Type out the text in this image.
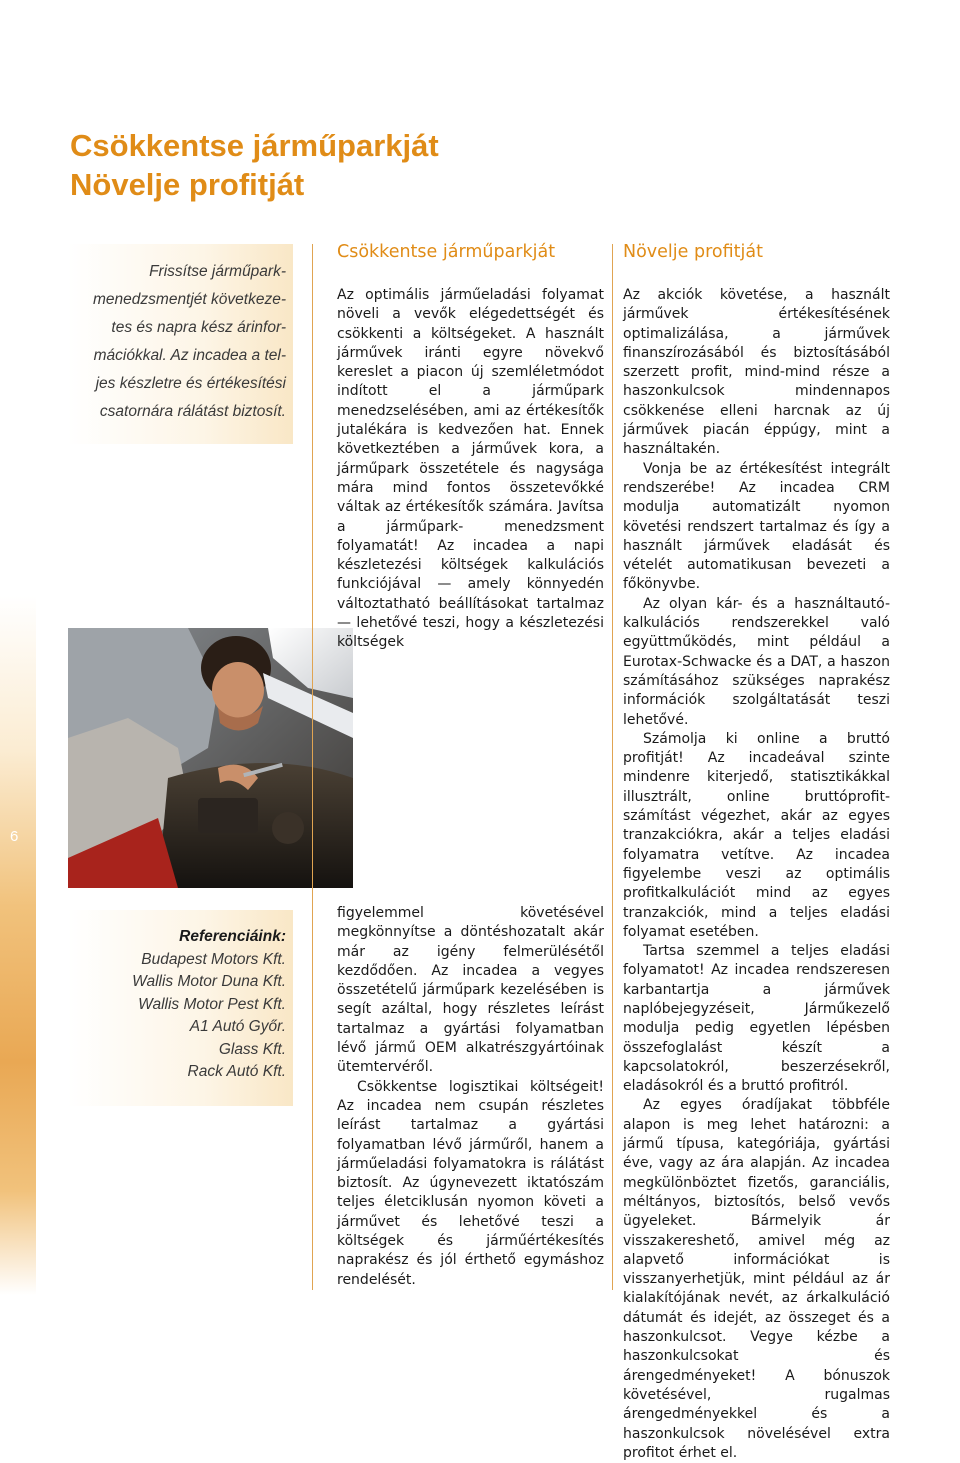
6
Csökkentse járműparkját
Növelje profitját
Frissítse járműpark-menedzsmentjét következe-tes és napra kész árinfor-mációkkal. Az incadea a tel-jes készletre és értékesítési csatornára rálátást biztosít.
Referenciáink:
Budapest Motors Kft.
Wallis Motor Duna Kft.
Wallis Motor Pest Kft.
A1 Autó Győr.
Glass Kft.
Rack Autó Kft.
Csökkentse járműparkját

Az optimális járműeladási folyamat növeli a vevők elégedettségét és csökkenti a költségeket. A használt járművek iránti egyre növekvő kereslet a piacon új szemléletmódot indított el a járműpark menedzselésében, ami az értékesítők jutalékára is kedvezően hat. Ennek következtében a járművek kora, a járműpark összetétele és nagysága mára mind fontos összetevőkké váltak az értékesítők számára. Javítsa a járműpark- menedzsment folyamatát! Az incadea a napi készletezési költségek kalkulációs funkciójával — amely könnyedén változtatható beállításokat tartalmaz — lehetővé teszi, hogy a készletezési költségek

figyelemmel követésével megkönnyítse a döntéshozatalt akár már az igény felmerülésétől kezdődően. Az incadea a vegyes összetételű járműpark kezelésében is segít azáltal, hogy részletes leírást tartalmaz a gyártási folyamatban lévő jármű OEM alkatrészgyártóinak ütemtervéről.

Csökkentse logisztikai költségeit! Az incadea nem csupán részletes leírást tartalmaz a gyártási folyamatban lévő járműről, hanem a járműeladási folyamatokra is rálátást biztosít. Az úgynevezett iktatószám teljes életciklusán nyomon követi a járművet és lehetővé teszi a költségek és járműértékesítés naprakész és jól érthető egymáshoz rendelését.

Növelje profitját

Az akciók követése, a használt járművek értékesítésének optimalizálása, a járművek finanszírozásából és biztosításából szerzett profit, mind-mind része a haszonkulcsok mindennapos csökkenése elleni harcnak az új járművek piacán éppúgy, mint a használtakén.

Vonja be az értékesítést integrált rendszerébe! Az incadea CRM modulja automatizált nyomon követési rendszert tartalmaz és így a használt járművek eladását és vételét automatikusan bevezeti a főkönyvbe.

Az olyan kár- és a használtautó-kalkulációs rendszerekkel való együttműködés, mint például a Eurotax-Schwacke és a DAT, a haszon számításához szükséges naprakész információk szolgáltatását teszi lehetővé.

Számolja ki online a bruttó profitját! Az incadeával szinte mindenre kiterjedő, statisztikákkal illusztrált, online bruttóprofit-számítást végezhet, akár az egyes tranzakciókra, akár a teljes eladási folyamatra vetítve. Az incadea figyelembe veszi az optimális profitkalkulációt mind az egyes tranzakciók, mind a teljes eladási folyamat esetében.

Tartsa szemmel a teljes eladási folyamatot! Az incadea rendszeresen karbantartja a járművek naplóbejegyzéseit, Járműkezelő modulja pedig egyetlen lépésben összefoglalást készít a kapcsolatokról, beszerzésekről, eladásokról és a bruttó profitról.

Az egyes óradíjakat többféle alapon is meg lehet határozni: a jármű típusa, kategóriája, gyártási éve, vagy az ára alapján. Az incadea megkülönböztet fizetős, garanciális, méltányos, biztosítós, belső vevős ügyeleket. Bármelyik ár visszakereshető, amivel még az alapvető információkat is visszanyerhetjük, mint például az ár kialakítójának nevét, az árkalkuláció dátumát és idejét, az összeget és a haszonkulcsot. Vegye kézbe a haszonkulcsokat és árengedményeket! A bónuszok követésével, rugalmas árengedményekkel és a haszonkulcsok növelésével extra profitot érhet el.
